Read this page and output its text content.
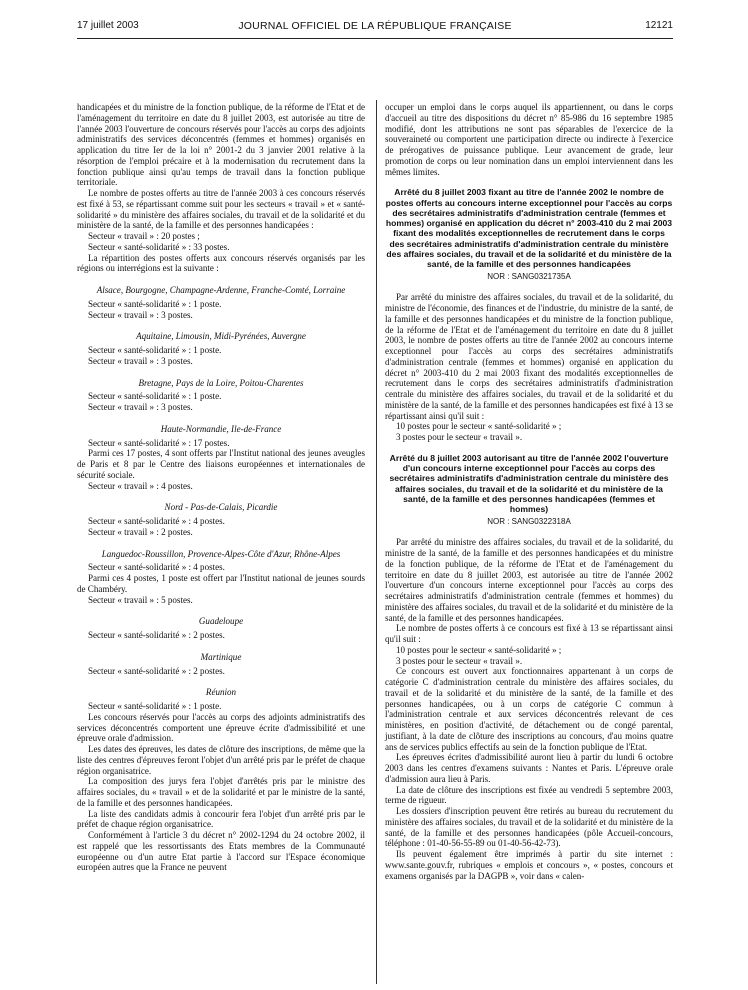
17 juillet 2003	JOURNAL OFFICIEL DE LA RÉPUBLIQUE FRANÇAISE	12121

handicapées et du ministre de la fonction publique, de la réforme de l'Etat et de l'aménagement du territoire en date du 8 juillet 2003, est autorisée au titre de l'année 2003 l'ouverture de concours réservés pour l'accès au corps des adjoints administratifs des services déconcentrés (femmes et hommes) organisés en application du titre Ier de la loi n° 2001-2 du 3 janvier 2001 relative à la résorption de l'emploi précaire et à la modernisation du recrutement dans la fonction publique ainsi qu'au temps de travail dans la fonction publique territoriale.

Le nombre de postes offerts au titre de l'année 2003 à ces concours réservés est fixé à 53, se répartissant comme suit pour les secteurs « travail » et « santé-solidarité » du ministère des affaires sociales, du travail et de la solidarité et du ministère de la santé, de la famille et des personnes handicapées :

Secteur « travail » : 20 postes ;

Secteur « santé-solidarité » : 33 postes.

La répartition des postes offerts aux concours réservés organisés par les régions ou interrégions est la suivante :

Alsace, Bourgogne, Champagne-Ardenne, Franche-Comté, Lorraine

Secteur « santé-solidarité » : 1 poste.

Secteur « travail » : 3 postes.

Aquitaine, Limousin, Midi-Pyrénées, Auvergne

Secteur « santé-solidarité » : 1 poste.

Secteur « travail » : 3 postes.

Bretagne, Pays de la Loire, Poitou-Charentes

Secteur « santé-solidarité » : 1 poste.

Secteur « travail » : 3 postes.

Haute-Normandie, Ile-de-France

Secteur « santé-solidarité » : 17 postes.

Parmi ces 17 postes, 4 sont offerts par l'Institut national des jeunes aveugles de Paris et 8 par le Centre des liaisons européennes et internationales de sécurité sociale.

Secteur « travail » : 4 postes.

Nord - Pas-de-Calais, Picardie

Secteur « santé-solidarité » : 4 postes.

Secteur « travail » : 2 postes.

Languedoc-Roussillon, Provence-Alpes-Côte d'Azur, Rhône-Alpes

Secteur « santé-solidarité » : 4 postes.

Parmi ces 4 postes, 1 poste est offert par l'Institut national de jeunes sourds de Chambéry.

Secteur « travail » : 5 postes.

Guadeloupe

Secteur « santé-solidarité » : 2 postes.

Martinique

Secteur « santé-solidarité » : 2 postes.

Réunion

Secteur « santé-solidarité » : 1 poste.

Les concours réservés pour l'accès au corps des adjoints administratifs des services déconcentrés comportent une épreuve écrite d'admissibilité et une épreuve orale d'admission.

Les dates des épreuves, les dates de clôture des inscriptions, de même que la liste des centres d'épreuves feront l'objet d'un arrêté pris par le préfet de chaque région organisatrice.

La composition des jurys fera l'objet d'arrêtés pris par le ministre des affaires sociales, du « travail » et de la solidarité et par le ministre de la santé, de la famille et des personnes handicapées.

La liste des candidats admis à concourir fera l'objet d'un arrêté pris par le préfet de chaque région organisatrice.

Conformément à l'article 3 du décret n° 2002-1294 du 24 octobre 2002, il est rappelé que les ressortissants des Etats membres de la Communauté européenne ou d'un autre Etat partie à l'accord sur l'Espace économique européen autres que la France ne peuvent

occuper un emploi dans le corps auquel ils appartiennent, ou dans le corps d'accueil au titre des dispositions du décret n° 85-986 du 16 septembre 1985 modifié, dont les attributions ne sont pas séparables de l'exercice de la souveraineté ou comportent une participation directe ou indirecte à l'exercice de prérogatives de puissance publique. Leur avancement de grade, leur promotion de corps ou leur nomination dans un emploi interviennent dans les mêmes limites.

Arrêté du 8 juillet 2003 fixant au titre de l'année 2002 le nombre de postes offerts au concours interne exceptionnel pour l'accès au corps des secrétaires administratifs d'administration centrale (femmes et hommes) organisé en application du décret n° 2003-410 du 2 mai 2003 fixant des modalités exceptionnelles de recrutement dans le corps des secrétaires administratifs d'administration centrale du ministère des affaires sociales, du travail et de la solidarité et du ministère de la santé, de la famille et des personnes handicapées

NOR : SANG0321735A

Par arrêté du ministre des affaires sociales, du travail et de la solidarité, du ministre de l'économie, des finances et de l'industrie, du ministre de la santé, de la famille et des personnes handicapées et du ministre de la fonction publique, de la réforme de l'Etat et de l'aménagement du territoire en date du 8 juillet 2003, le nombre de postes offerts au titre de l'année 2002 au concours interne exceptionnel pour l'accès au corps des secrétaires administratifs d'administration centrale (femmes et hommes) organisé en application du décret n° 2003-410 du 2 mai 2003 fixant des modalités exceptionnelles de recrutement dans le corps des secrétaires administratifs d'administration centrale du ministère des affaires sociales, du travail et de la solidarité et du ministère de la santé, de la famille et des personnes handicapées est fixé à 13 se répartissant ainsi qu'il suit :

10 postes pour le secteur « santé-solidarité » ;

3 postes pour le secteur « travail ».

Arrêté du 8 juillet 2003 autorisant au titre de l'année 2002 l'ouverture d'un concours interne exceptionnel pour l'accès au corps des secrétaires administratifs d'administration centrale du ministère des affaires sociales, du travail et de la solidarité et du ministère de la santé, de la famille et des personnes handicapées (femmes et hommes)

NOR : SANG0322318A

Par arrêté du ministre des affaires sociales, du travail et de la solidarité, du ministre de la santé, de la famille et des personnes handicapées et du ministre de la fonction publique, de la réforme de l'Etat et de l'aménagement du territoire en date du 8 juillet 2003, est autorisée au titre de l'année 2002 l'ouverture d'un concours interne exceptionnel pour l'accès au corps des secrétaires administratifs d'administration centrale (femmes et hommes) du ministère des affaires sociales, du travail et de la solidarité et du ministère de la santé, de la famille et des personnes handicapées.

Le nombre de postes offerts à ce concours est fixé à 13 se répartissant ainsi qu'il suit :

10 postes pour le secteur « santé-solidarité » ;

3 postes pour le secteur « travail ».

Ce concours est ouvert aux fonctionnaires appartenant à un corps de catégorie C d'administration centrale du ministère des affaires sociales, du travail et de la solidarité et du ministère de la santé, de la famille et des personnes handicapées, ou à un corps de catégorie C commun à l'administration centrale et aux services déconcentrés relevant de ces ministères, en position d'activité, de détachement ou de congé parental, justifiant, à la date de clôture des inscriptions au concours, d'au moins quatre ans de services publics effectifs au sein de la fonction publique de l'Etat.

Les épreuves écrites d'admissibilité auront lieu à partir du lundi 6 octobre 2003 dans les centres d'examens suivants : Nantes et Paris. L'épreuve orale d'admission aura lieu à Paris.

La date de clôture des inscriptions est fixée au vendredi 5 septembre 2003, terme de rigueur.

Les dossiers d'inscription peuvent être retirés au bureau du recrutement du ministère des affaires sociales, du travail et de la solidarité et du ministère de la santé, de la famille et des personnes handicapées (pôle Accueil-concours, téléphone : 01-40-56-55-89 ou 01-40-56-42-73).

Ils peuvent également être imprimés à partir du site internet : www.sante.gouv.fr, rubriques « emplois et concours », « postes, concours et examens organisés par la DAGPB », voir dans « calen-
